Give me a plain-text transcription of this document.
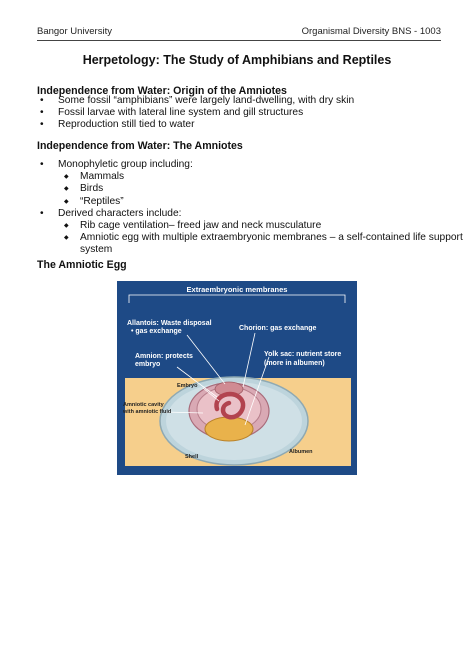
Bangor University	Organismal Diversity BNS - 1003
Herpetology: The Study of Amphibians and Reptiles
Independence from Water: Origin of the Amniotes
• Some fossil “amphibians” were largely land-dwelling, with dry skin
• Fossil larvae with lateral line system and gill structures
• Reproduction still tied to water
Independence from Water: The Amniotes
• Monophyletic group including:
◆ Mammals
◆ Birds
◆ “Reptiles”
• Derived characters include:
◆ Rib cage ventilation– freed jaw and neck musculature
◆ Amniotic egg with multiple extraembryonic membranes – a self-contained life support
system
The Amniotic Egg
Extraembryonic membranes
Allantois: Waste disposal
• gas exchange	Chorion: gas exchange
Amnion: protects
embryo
Yolk sac: nutrient store
(more in albumen)
Embryo
Amniotic cavity
with amniotic fluid
Shell
Albumen
